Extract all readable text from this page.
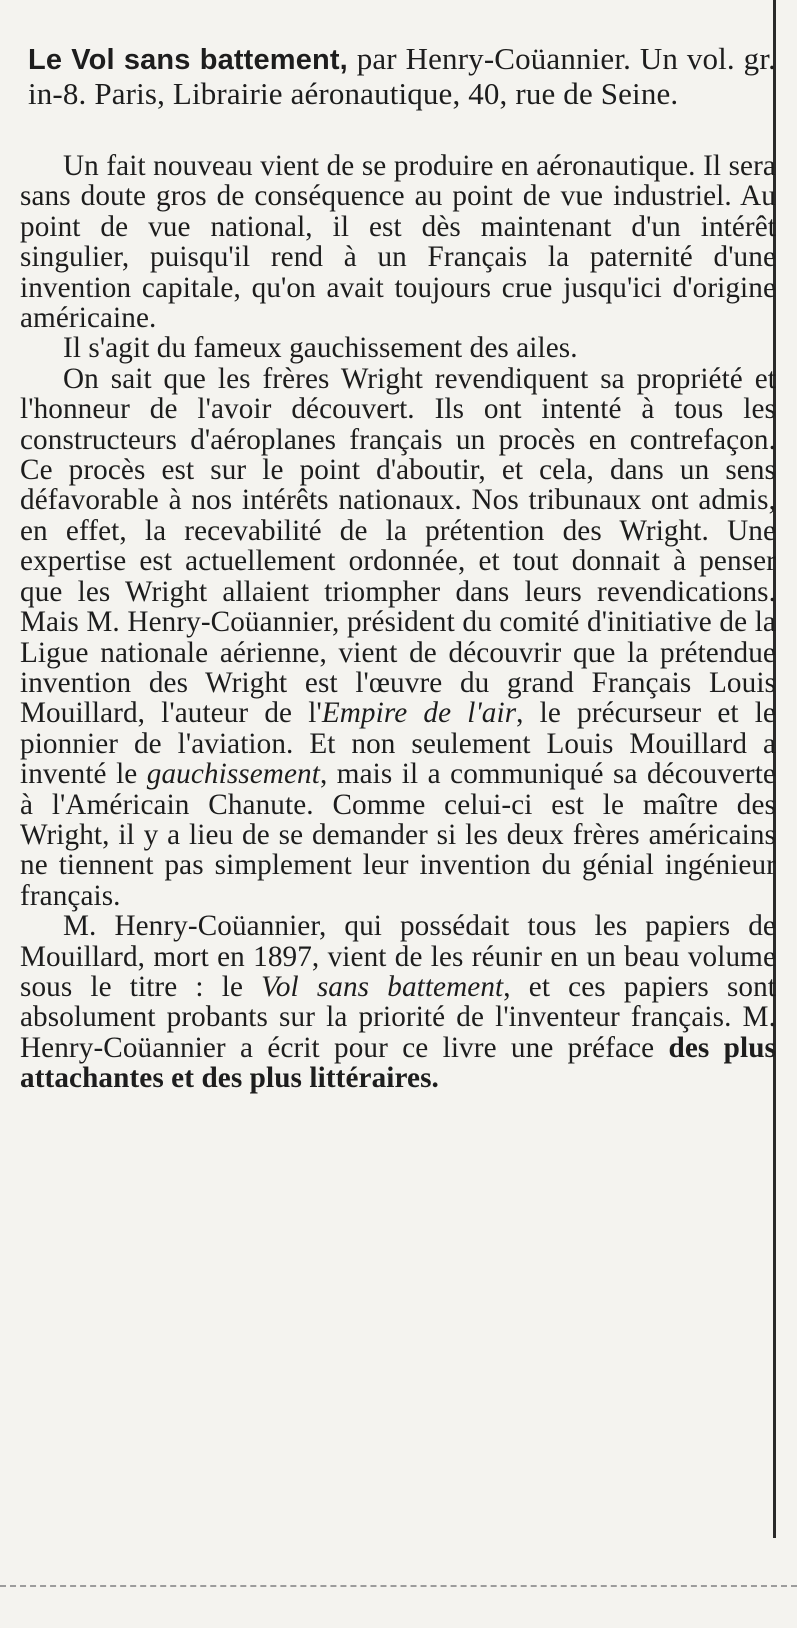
Le Vol sans battement, par Henry-Coüannier. Un vol. gr. in-8. Paris, Librairie aéronautique, 40, rue de Seine.

Un fait nouveau vient de se produire en aéronautique. Il sera sans doute gros de conséquence au point de vue industriel. Au point de vue national, il est dès maintenant d'un intérêt singulier, puisqu'il rend à un Français la paternité d'une invention capitale, qu'on avait toujours crue jusqu'ici d'origine américaine.

Il s'agit du fameux gauchissement des ailes.

On sait que les frères Wright revendiquent sa propriété et l'honneur de l'avoir découvert. Ils ont intenté à tous les constructeurs d'aéroplanes français un procès en contrefaçon. Ce procès est sur le point d'aboutir, et cela, dans un sens défavorable à nos intérêts nationaux. Nos tribunaux ont admis, en effet, la recevabilité de la prétention des Wright. Une expertise est actuellement ordonnée, et tout donnait à penser que les Wright allaient triompher dans leurs revendications. Mais M. Henry-Coüannier, président du comité d'initiative de la Ligue nationale aérienne, vient de découvrir que la prétendue invention des Wright est l'œuvre du grand Français Louis Mouillard, l'auteur de l'Empire de l'air, le précurseur et le pionnier de l'aviation. Et non seulement Louis Mouillard a inventé le gauchissement, mais il a communiqué sa découverte à l'Américain Chanute. Comme celui-ci est le maître des Wright, il y a lieu de se demander si les deux frères américains ne tiennent pas simplement leur invention du génial ingénieur français.

M. Henry-Coüannier, qui possédait tous les papiers de Mouillard, mort en 1897, vient de les réunir en un beau volume sous le titre : le Vol sans battement, et ces papiers sont absolument probants sur la priorité de l'inventeur français. M. Henry-Coüannier a écrit pour ce livre une préface des plus attachantes et des plus littéraires.
